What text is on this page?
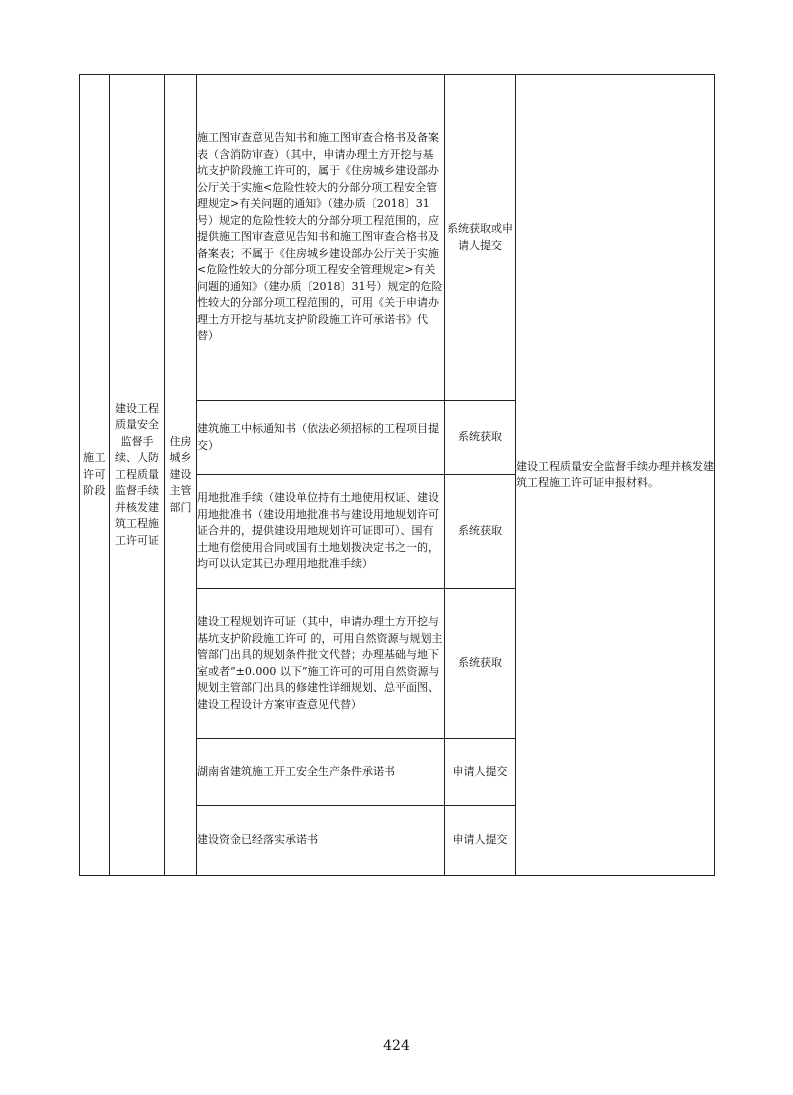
施工许可阶段	建设工程质量安全监督手续、人防工程质量监督手续并核发建筑工程施工许可证	住房城乡建设主管部门	施工图审查意见告知书和施工图审查合格书及备案表（含消防审查）（其中，申请办理土方开挖与基坑支护阶段施工许可的，属于《住房城乡建设部办公厅关于实施<危险性较大的分部分项工程安全管理规定>有关问题的通知》（建办质〔2018〕31号）规定的危险性较大的分部分项工程范围的，应提供施工图审查意见告知书和施工图审查合格书及备案表；不属于《住房城乡建设部办公厅关于实施<危险性较大的分部分项工程安全管理规定>有关问题的通知》（建办质〔2018〕31号）规定的危险性较大的分部分项工程范围的，可用《关于申请办理土方开挖与基坑支护阶段施工许可承诺书》代替）	系统获取或申请人提交	建设工程质量安全监督手续办理并核发建筑工程施工许可证申报材料。
			建筑施工中标通知书（依法必须招标的工程项目提交）	系统获取	
			用地批准手续（建设单位持有土地使用权证、建设用地批准书（建设用地批准书与建设用地规划许可证合并的，提供建设用地规划许可证即可）、国有土地有偿使用合同或国有土地划拨决定书之一的，均可以认定其已办理用地批准手续）	系统获取	
			建设工程规划许可证（其中，申请办理土方开挖与基坑支护阶段施工许可 的，可用自然资源与规划主管部门出具的规划条件批文代替；办理基础与地下室或者“±0.000 以下”施工许可的可用自然资源与规划主管部门出具的修建性详细规划、总平面图、建设工程设计方案审查意见代替）	系统获取	
			湖南省建筑施工开工安全生产条件承诺书	申请人提交	
			建设资金已经落实承诺书	申请人提交	
424
